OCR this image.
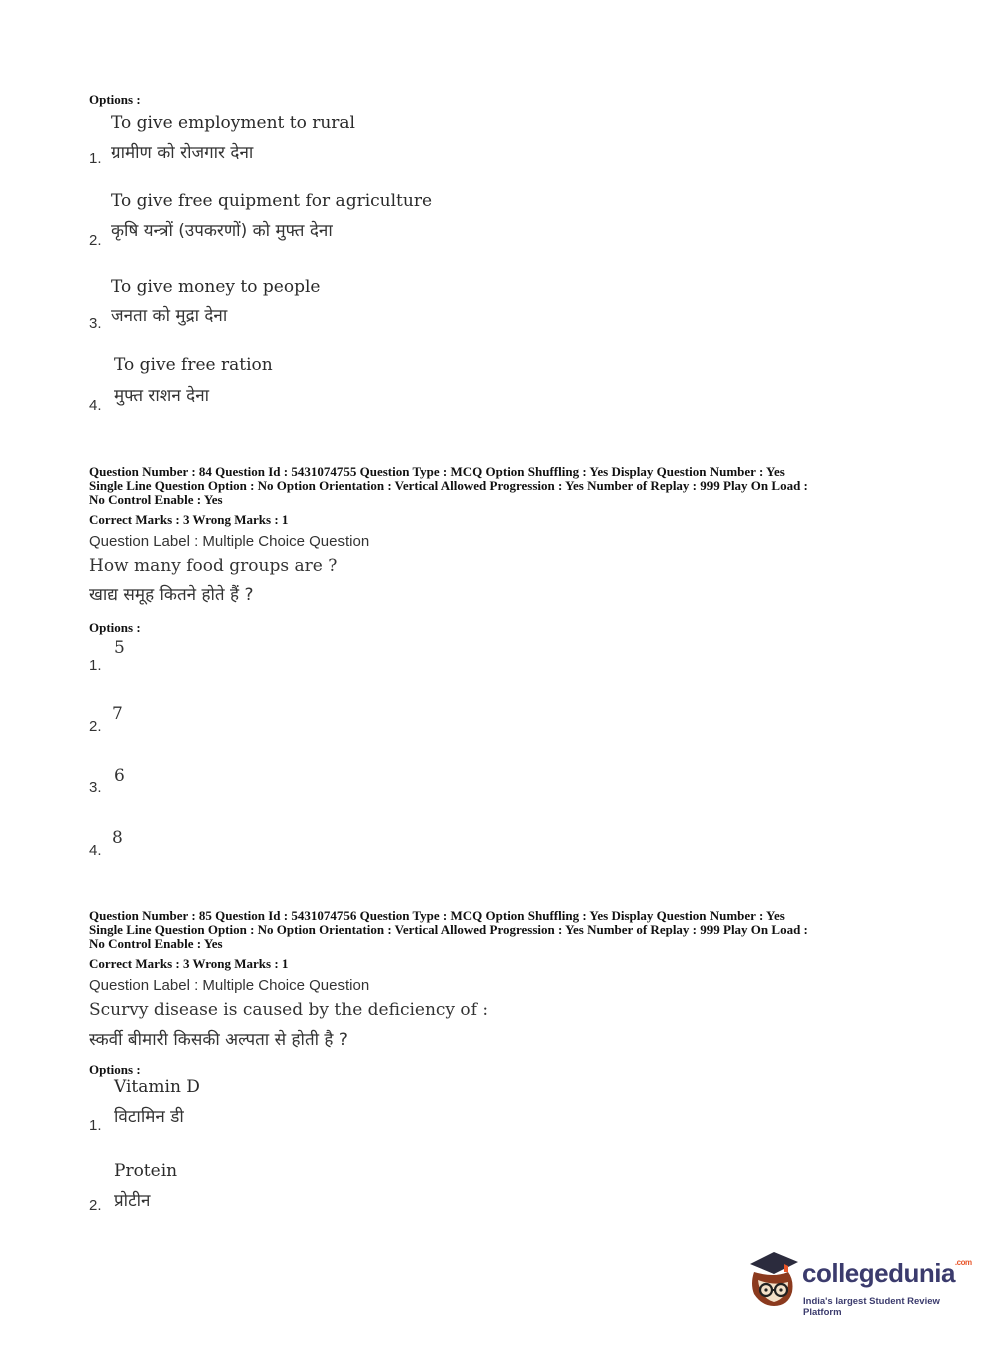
Options :
To give employment to rural
ग्रामीण को रोजगार देना
1.
To give free quipment for agriculture
कृषि यन्त्रों (उपकरणों) को मुफ्त देना
2.
To give money to people
जनता को मुद्रा देना
3.
To give free ration
मुफ्त राशन देना
4.
Question Number : 84 Question Id : 5431074755 Question Type : MCQ Option Shuffling : Yes Display Question Number : Yes
Single Line Question Option : No Option Orientation : Vertical Allowed Progression : Yes Number of Replay : 999 Play On Load :
No Control Enable : Yes
Correct Marks : 3 Wrong Marks : 1
Question Label : Multiple Choice Question
How many food groups are ?
खाद्य समूह कितने होते हैं ?
Options :
5
1.
7
2.
6
3.
8
4.
Question Number : 85 Question Id : 5431074756 Question Type : MCQ Option Shuffling : Yes Display Question Number : Yes
Single Line Question Option : No Option Orientation : Vertical Allowed Progression : Yes Number of Replay : 999 Play On Load :
No Control Enable : Yes
Correct Marks : 3 Wrong Marks : 1
Question Label : Multiple Choice Question
Scurvy disease is caused by the deficiency of :
स्कर्वी बीमारी किसकी अल्पता से होती है ?
Options :
Vitamin D
विटामिन डी
1.
Protein
प्रोटीन
2.
collegedunia$^{.com}$
India's largest Student Review Platform
